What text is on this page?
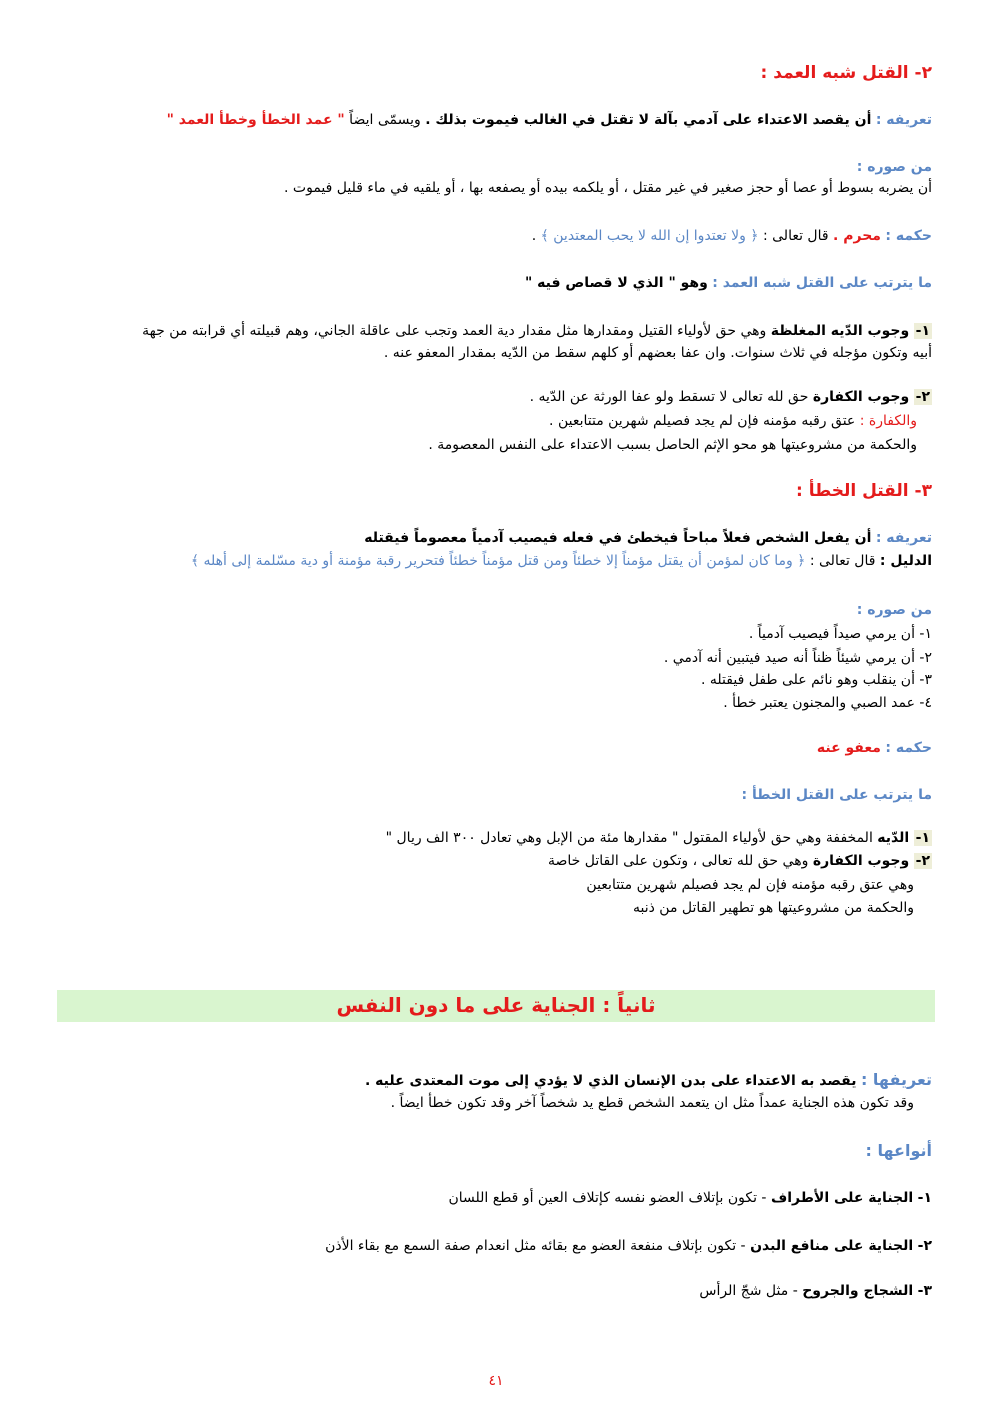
٢- القتل شبه العمد :
تعريفه : أن يقصد الاعتداء على آدمي بآلة لا تقتل في الغالب فيموت بذلك . ويسمّى ايضاً " عمد الخطأ وخطأ العمد "
من صوره :
أن يضربه بسوط أو عصا أو حجز صغير في غير مقتل ، أو يلكمه بيده أو يصفعه بها ، أو يلقيه في ماء قليل فيموت .
حكمه : محرم . قال تعالى : ﴿ ولا تعتدوا إن الله لا يحب المعتدين ﴾ .
ما يترتب على القتل شبه العمد : وهو " الذي لا قصاص فيه "
١- وجوب الدّيه المغلظة وهي حق لأولياء القتيل ومقدارها مثل مقدار دية العمد وتجب على عاقلة الجاني، وهم قبيلته أي قرابته من جهة
أبيه وتكون مؤجله في ثلاث سنوات. وان عفا بعضهم أو كلهم سقط من الدّيه بمقدار المعفو عنه .
٢- وجوب الكفارة حق لله تعالى لا تسقط ولو عفا الورثة عن الدّيه .
والكفارة : عتق رقبه مؤمنه فإن لم يجد فصيلم شهرين متتابعين .
والحكمة من مشروعيتها هو محو الإثم الحاصل بسبب الاعتداء على النفس المعصومة .
٣- القتل الخطأ :
تعريفه : أن يفعل الشخص فعلاً مباحاً فيخطئ في فعله فيصيب آدمياً معصوماً فيقتله
الدليل : قال تعالى : ﴿ وما كان لمؤمن أن يقتل مؤمناً إلا خطئاً ومن قتل مؤمناً خطئاً فتحرير رقبة مؤمنة أو دية مسّلمة إلى أهله ﴾
من صوره :
١- أن يرمي صيداً فيصيب آدمياً .
٢- أن يرمي شيئاً ظناً أنه صيد فيتبين أنه آدمي .
٣- أن ينقلب وهو نائم على طفل فيقتله .
٤- عمد الصبي والمجنون يعتبر خطأ .
حكمه : معفو عنه
ما يترتب على القتل الخطأ :
١- الدّيه المخففة وهي حق لأولياء المقتول " مقدارها مئة من الإبل وهي تعادل ٣٠٠ الف ريال "
٢- وجوب الكفارة وهي حق لله تعالى ، وتكون على القاتل خاصة
وهي عتق رقبه مؤمنه فإن لم يجد فصيلم شهرين متتابعين
والحكمة من مشروعيتها هو تطهير القاتل من ذنبه
ثانياً : الجناية على ما دون النفس
تعريفها : يقصد به الاعتداء على بدن الإنسان الذي لا يؤدي إلى موت المعتدى عليه .
وقد تكون هذه الجناية عمداً مثل ان يتعمد الشخص قطع يد شخصاً آخر وقد تكون خطأ ايضاً .
أنواعها :
١- الجناية على الأطراف - تكون بإتلاف العضو نفسه كإتلاف العين أو قطع اللسان
٢- الجناية على منافع البدن - تكون بإتلاف منفعة العضو مع بقائه مثل انعدام صفة السمع مع بقاء الأذن
٣- الشجاج والجروح - مثل شجّ الرأس
٤١
